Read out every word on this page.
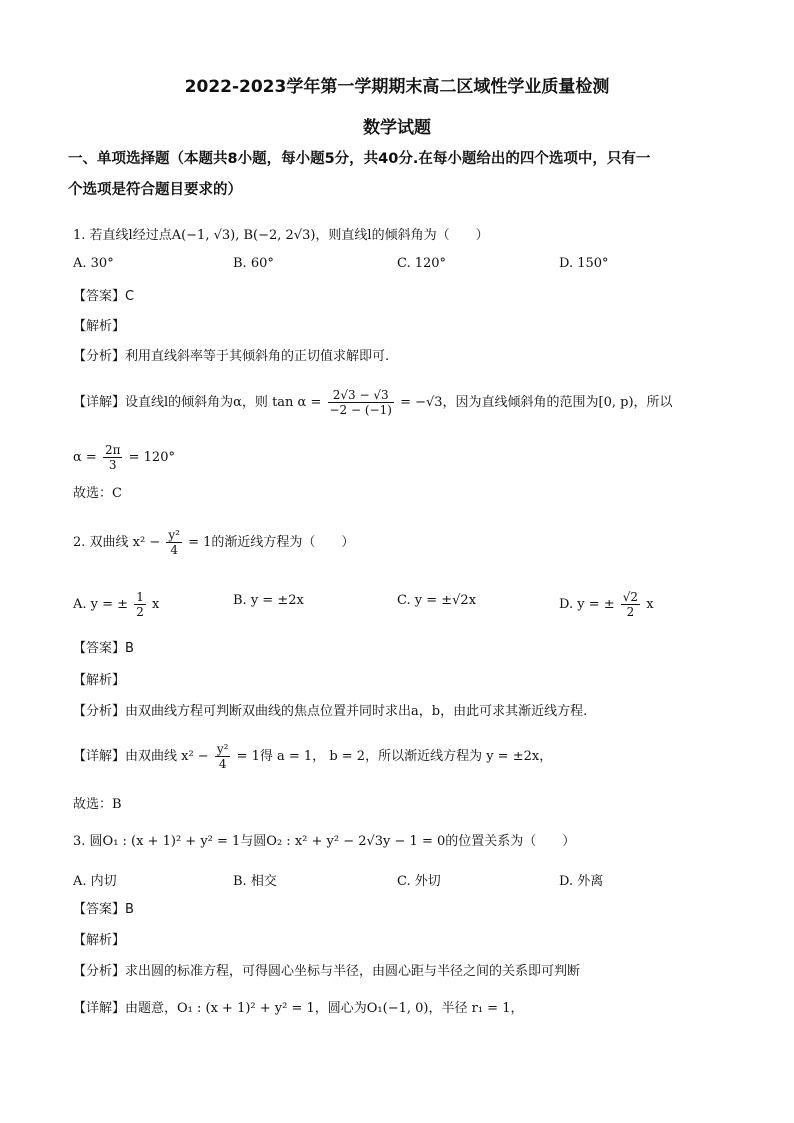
2022-2023学年第一学期期末高二区域性学业质量检测
数学试题
一、单项选择题（本题共8小题，每小题5分，共40分.在每小题给出的四个选项中，只有一
个选项是符合题目要求的）
1. 若直线l经过点A(−1, √3), B(−2, 2√3)，则直线l的倾斜角为（　　）
A. 30°	B. 60°	C. 120°	D. 150°
【答案】C
【解析】
【分析】利用直线斜率等于其倾斜角的正切值求解即可.
【详解】设直线l的倾斜角为α，则 $\tan \alpha = \frac{2√3 - √3}{-2 - (-1)} = -√3$，因为直线倾斜角的范围为[0, p)，所以
$\alpha = \frac{2\pi}{3} = 120^\circ$
故选：C
2. 双曲线 $x^2 - \frac{\text{y²}}{4} = 1$的渐近线方程为（　　）
A. y = ± $\frac{1}{2}$ x	B. y = ±2x	C. y = ±√2x	D. y = ± $\frac{√2}{2}$ x
【答案】B
【解析】
【分析】由双曲线方程可判断双曲线的焦点位置并同时求出a，b，由此可求其渐近线方程.
【详解】由双曲线 $x^2 - \frac{\text{y²}}{4} = 1$得 a = 1， b = 2，所以渐近线方程为 y = ±2x，
故选：B
3. 圆O₁ : (x + 1)² + y² = 1与圆O₂ : x² + y² − 2√3y − 1 = 0的位置关系为（　　）
A. 内切	B. 相交	C. 外切	D. 外离
【答案】B
【解析】
【分析】求出圆的标准方程，可得圆心坐标与半径，由圆心距与半径之间的关系即可判断
【详解】由题意，O₁ : (x + 1)² + y² = 1，圆心为O₁(−1, 0)，半径 r₁ = 1，
